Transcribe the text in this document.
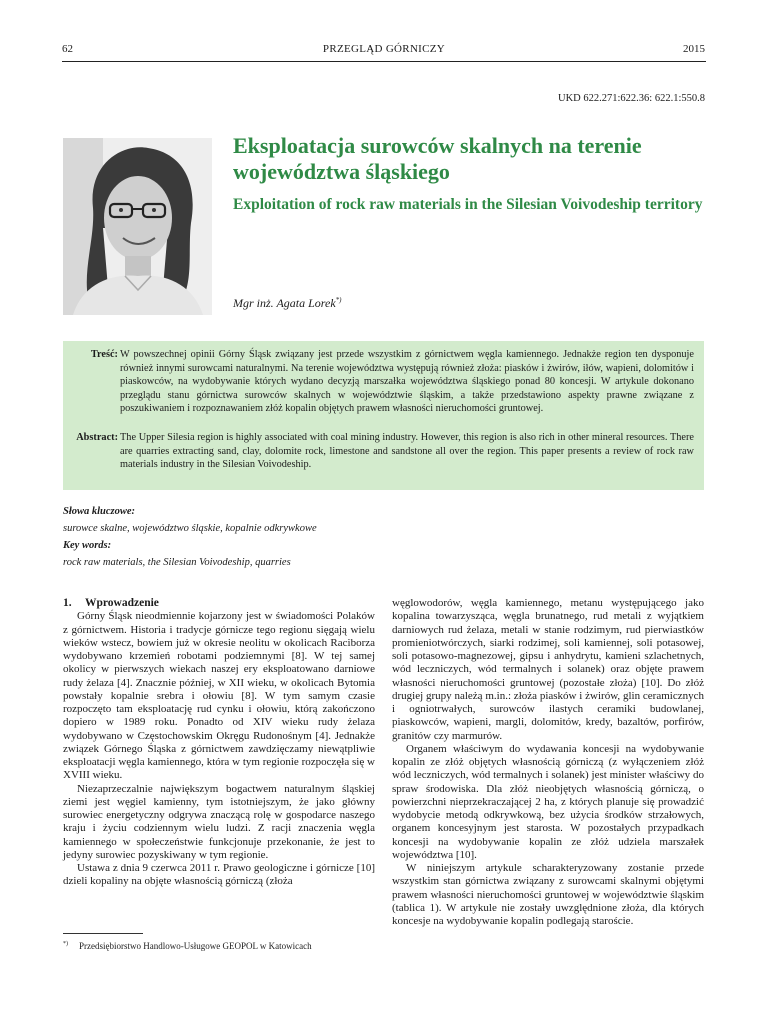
62	PRZEGLĄD GÓRNICZY	2015
UKD 622.271:622.36: 622.1:550.8
Eksploatacja surowców skalnych na terenie województwa śląskiego
Exploitation of rock raw materials in the Silesian Voivodeship territory
Mgr inż. Agata Lorek*)
Treść: W powszechnej opinii Górny Śląsk związany jest przede wszystkim z górnictwem węgla kamiennego. Jednakże region ten dysponuje również innymi surowcami naturalnymi. Na terenie województwa występują również złoża: piasków i żwirów, iłów, wapieni, dolomitów i piaskowców, na wydobywanie których wydano decyzją marszałka województwa śląskiego ponad 80 koncesji. W artykule dokonano przeglądu stanu górnictwa surowców skalnych w województwie śląskim, a także przedstawiono aspekty prawne związane z poszukiwaniem i rozpoznawaniem złóż kopalin objętych prawem własności nieruchomości gruntowej.
Abstract: The Upper Silesia region is highly associated with coal mining industry. However, this region is also rich in other mineral resources. There are quarries extracting sand, clay, dolomite rock, limestone and sandstone all over the region. This paper presents a review of rock raw materials industry in the Silesian Voivodeship.
Słowa kluczowe:
surowce skalne, województwo śląskie, kopalnie odkrywkowe
Key words:
rock raw materials, the Silesian Voivodeship, quarries

1. Wprowadzenie

Górny Śląsk nieodmiennie kojarzony jest w świadomości Polaków z górnictwem. Historia i tradycje górnicze tego regionu sięgają wielu wieków wstecz, bowiem już w okresie neolitu w okolicach Raciborza wydobywano krzemień robotami podziemnymi [8]. W tej samej okolicy w pierwszych wiekach naszej ery eksploatowano darniowe rudy żelaza [4]. Znacznie później, w XII wieku, w okolicach Bytomia powstały kopalnie srebra i ołowiu [8]. W tym samym czasie rozpoczęto tam eksploatację rud cynku i ołowiu, którą zakończono dopiero w 1989 roku. Ponadto od XIV wieku rudy żelaza wydobywano w Częstochowskim Okręgu Rudonośnym [4]. Jednakże związek Górnego Śląska z górnictwem zawdzięczamy niewątpliwie eksploatacji węgla kamiennego, która w tym regionie rozpoczęła się w XVIII wieku.

Niezaprzeczalnie największym bogactwem naturalnym śląskiej ziemi jest węgiel kamienny, tym istotniejszym, że jako główny surowiec energetyczny odgrywa znaczącą rolę w gospodarce naszego kraju i życiu codziennym wielu ludzi. Z racji znaczenia węgla kamiennego w społeczeństwie funkcjonuje przekonanie, że jest to jedyny surowiec pozyskiwany w tym regionie.

Ustawa z dnia 9 czerwca 2011 r. Prawo geologiczne i górnicze [10] dzieli kopaliny na objęte własnością górniczą (złoża

węglowodorów, węgla kamiennego, metanu występującego jako kopalina towarzysząca, węgla brunatnego, rud metali z wyjątkiem darniowych rud żelaza, metali w stanie rodzimym, rud pierwiastków promieniotwórczych, siarki rodzimej, soli kamiennej, soli potasowej, soli potasowo-magnezowej, gipsu i anhydrytu, kamieni szlachetnych, wód leczniczych, wód termalnych i solanek) oraz objęte prawem własności nieruchomości gruntowej (pozostałe złoża) [10]. Do złóż drugiej grupy należą m.in.: złoża piasków i żwirów, glin ceramicznych i ogniotrwałych, surowców ilastych ceramiki budowlanej, piaskowców, wapieni, margli, dolomitów, kredy, bazaltów, porfirów, granitów czy marmurów.

Organem właściwym do wydawania koncesji na wydobywanie kopalin ze złóż objętych własnością górniczą (z wyłączeniem złóż wód leczniczych, wód termalnych i solanek) jest minister właściwy do spraw środowiska. Dla złóż nieobjętych własnością górniczą, o powierzchni nieprzekraczającej 2 ha, z których planuje się prowadzić wydobycie metodą odkrywkową, bez użycia środków strzałowych, organem koncesyjnym jest starosta. W pozostałych przypadkach koncesji na wydobywanie kopalin ze złóż udziela marszałek województwa [10].

W niniejszym artykule scharakteryzowany zostanie przede wszystkim stan górnictwa związany z surowcami skalnymi objętymi prawem własności nieruchomości gruntowej w województwie śląskim (tablica 1). W artykule nie zostały uwzględnione złoża, dla których koncesje na wydobywanie kopalin podlegają staroście.

*) Przedsiębiorstwo Handlowo-Usługowe GEOPOL w Katowicach
